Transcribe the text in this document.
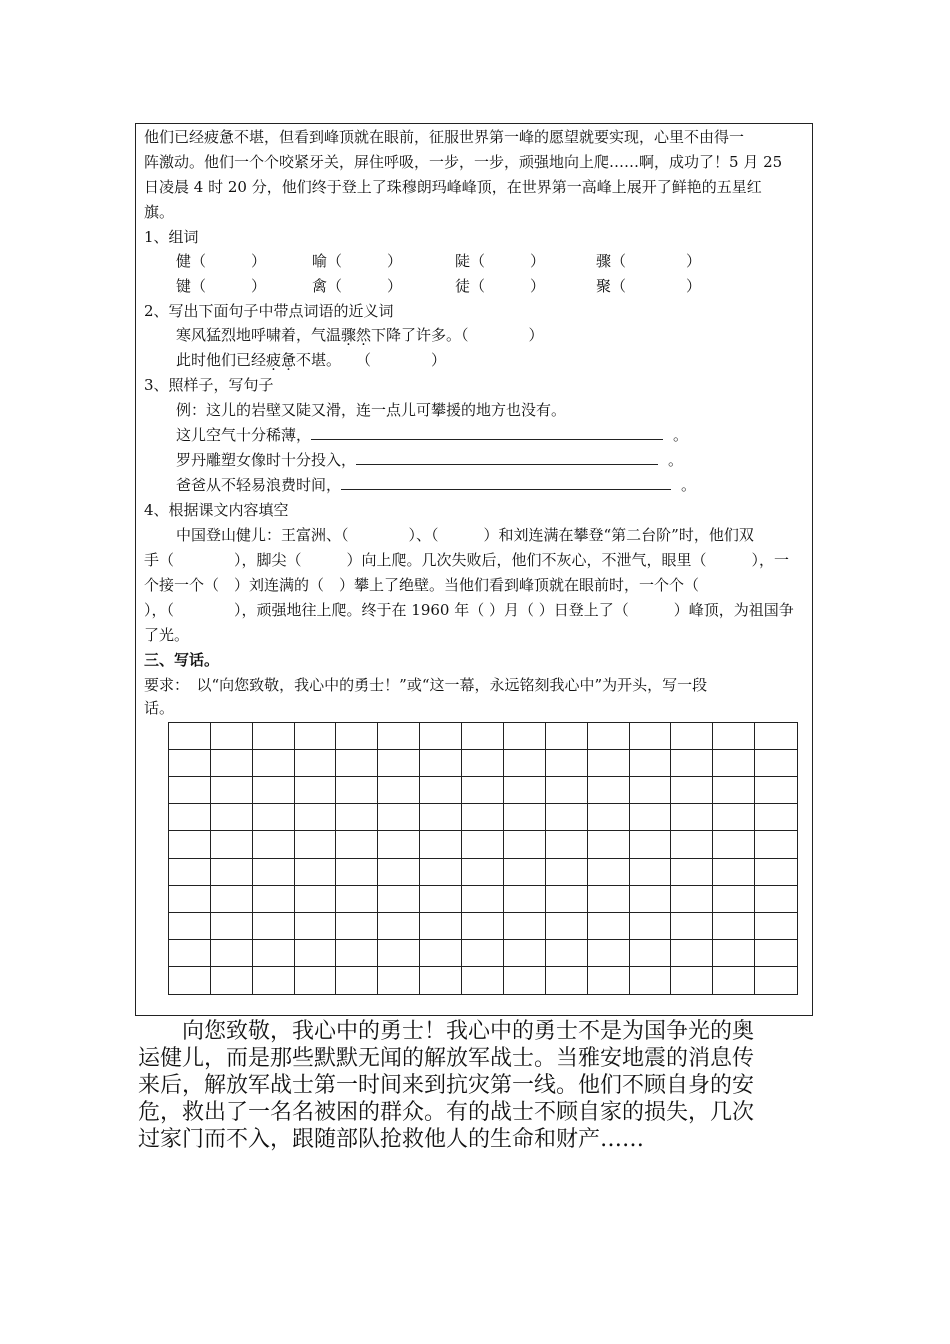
他们已经疲惫不堪，但看到峰顶就在眼前，征服世界第一峰的愿望就要实现，心里不由得一
阵激动。他们一个个咬紧牙关，屏住呼吸，一步，一步，顽强地向上爬……啊，成功了！5 月 25
日凌晨 4 时 20 分，他们终于登上了珠穆朗玛峰峰顶，在世界第一高峰上展开了鲜艳的五星红
旗。
1、组词
健（　　　）	喻（　　　）	陡（　　　）	骤（　　　　）
键（　　　）	禽（　　　）	徒（　　　）	聚（　　　　）
2、写出下面句子中带点词语的近义词
寒风猛烈地呼啸着，气温骤然下降了许多。（　　　　）
此时他们已经疲惫不堪。　　（　　　　）
3、照样子，写句子
例：这儿的岩壁又陡又滑，连一点儿可攀援的地方也没有。
这儿空气十分稀薄，	。
罗丹雕塑女像时十分投入，	。
爸爸从不轻易浪费时间，	。
4、根据课文内容填空
中国登山健儿：王富洲、（　　　　）、（　　　）和刘连满在攀登“第二台阶”时，他们双
手（　　　　），脚尖（　　　）向上爬。几次失败后，他们不灰心，不泄气，眼里（　　　），一
个接一个（　）刘连满的（　）攀上了绝壁。当他们看到峰顶就在眼前时，一个个（
），（　　　　），顽强地往上爬。终于在 1960 年（ ）月（ ）日登上了（　　　）峰顶，为祖国争
了光。
三、写话。
要求：　以“向您致敬，我心中的勇士！”或“这一幕，永远铭刻我心中”为开头，写一段
话。
　　向您致敬，我心中的勇士！我心中的勇士不是为国争光的奥
运健儿，而是那些默默无闻的解放军战士。当雅安地震的消息传
来后，解放军战士第一时间来到抗灾第一线。他们不顾自身的安
危，救出了一名名被困的群众。有的战士不顾自家的损失，几次
过家门而不入，跟随部队抢救他人的生命和财产……
